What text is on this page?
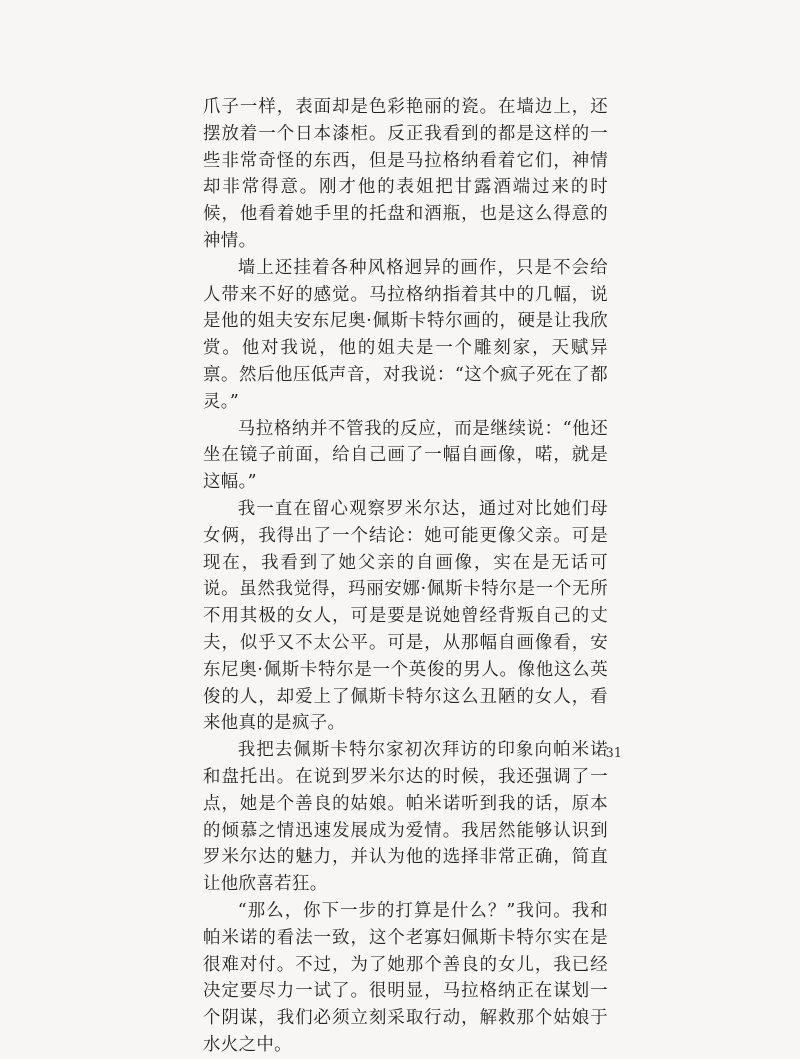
爪子一样，表面却是色彩艳丽的瓷。在墙边上，还摆放着一个日本漆柜。反正我看到的都是这样的一些非常奇怪的东西，但是马拉格纳看着它们，神情却非常得意。刚才他的表姐把甘露酒端过来的时候，他看着她手里的托盘和酒瓶，也是这么得意的神情。

墙上还挂着各种风格迥异的画作，只是不会给人带来不好的感觉。马拉格纳指着其中的几幅，说是他的姐夫安东尼奥·佩斯卡特尔画的，硬是让我欣赏。他对我说，他的姐夫是一个雕刻家，天赋异禀。然后他压低声音，对我说：“这个疯子死在了都灵。”

马拉格纳并不管我的反应，而是继续说：“他还坐在镜子前面，给自己画了一幅自画像，喏，就是这幅。”

我一直在留心观察罗米尔达，通过对比她们母女俩，我得出了一个结论：她可能更像父亲。可是现在，我看到了她父亲的自画像，实在是无话可说。虽然我觉得，玛丽安娜·佩斯卡特尔是一个无所不用其极的女人，可是要是说她曾经背叛自己的丈夫，似乎又不太公平。可是，从那幅自画像看，安东尼奥·佩斯卡特尔是一个英俊的男人。像他这么英俊的人，却爱上了佩斯卡特尔这么丑陋的女人，看来他真的是疯子。

我把去佩斯卡特尔家初次拜访的印象向帕米诺和盘托出。在说到罗米尔达的时候，我还强调了一点，她是个善良的姑娘。帕米诺听到我的话，原本的倾慕之情迅速发展成为爱情。我居然能够认识到罗米尔达的魅力，并认为他的选择非常正确，简直让他欣喜若狂。

“那么，你下一步的打算是什么？”我问。我和帕米诺的看法一致，这个老寡妇佩斯卡特尔实在是很难对付。不过，为了她那个善良的女儿，我已经决定要尽力一试了。很明显，马拉格纳正在谋划一个阴谋，我们必须立刻采取行动，解救那个姑娘于水火之中。

31
